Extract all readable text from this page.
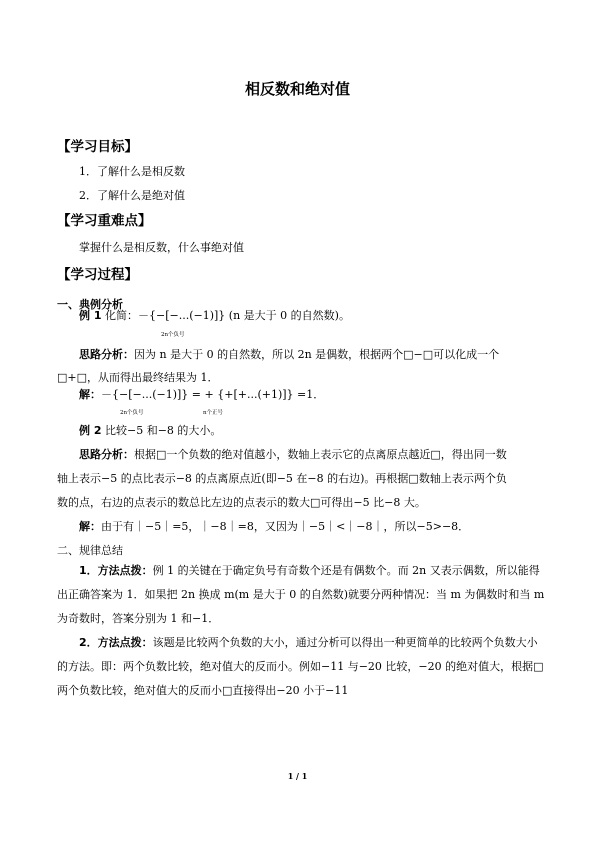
相反数和绝对值
【学习目标】
1．了解什么是相反数
2．了解什么是绝对值
【学习重难点】
掌握什么是相反数，什么事绝对值
【学习过程】
一、典例分析
例 1 化简：－{−[−...(−1)]} (n 是大于 0 的自然数)。
2n个负号
思路分析：因为 n 是大于 0 的自然数，所以 2n 是偶数，根据两个□−□可以化成一个
□+□，从而得出最终结果为 1．
解：－{−[−...(−1)]} = + {+[+...(+1)]} =1．
2n个负号	n个正号
例 2 比较−5 和−8 的大小。
思路分析：根据□一个负数的绝对值越小，数轴上表示它的点离原点越近□，得出同一数
轴上表示−5 的点比表示−8 的点离原点近(即−5 在−8 的右边)。再根据□数轴上表示两个负
数的点，右边的点表示的数总比左边的点表示的数大□可得出−5 比−8 大。
解：由于有｜−5｜=5，｜−8｜=8，又因为｜−5｜<｜−8｜，所以−5>−8．
二、规律总结
1．方法点拨：例 1 的关键在于确定负号有奇数个还是有偶数个。而 2n 又表示偶数，所以能得出正确答案为 1．如果把 2n 换成 m(m 是大于 0 的自然数)就要分两种情况：当 m 为偶数时和当 m 为奇数时，答案分别为 1 和−1．
2．方法点拨：该题是比较两个负数的大小，通过分析可以得出一种更简单的比较两个负数大小的方法。即：两个负数比较，绝对值大的反而小。例如−11 与−20 比较，−20 的绝对值大，根据□两个负数比较，绝对值大的反而小□直接得出−20 小于−11
1 / 1
